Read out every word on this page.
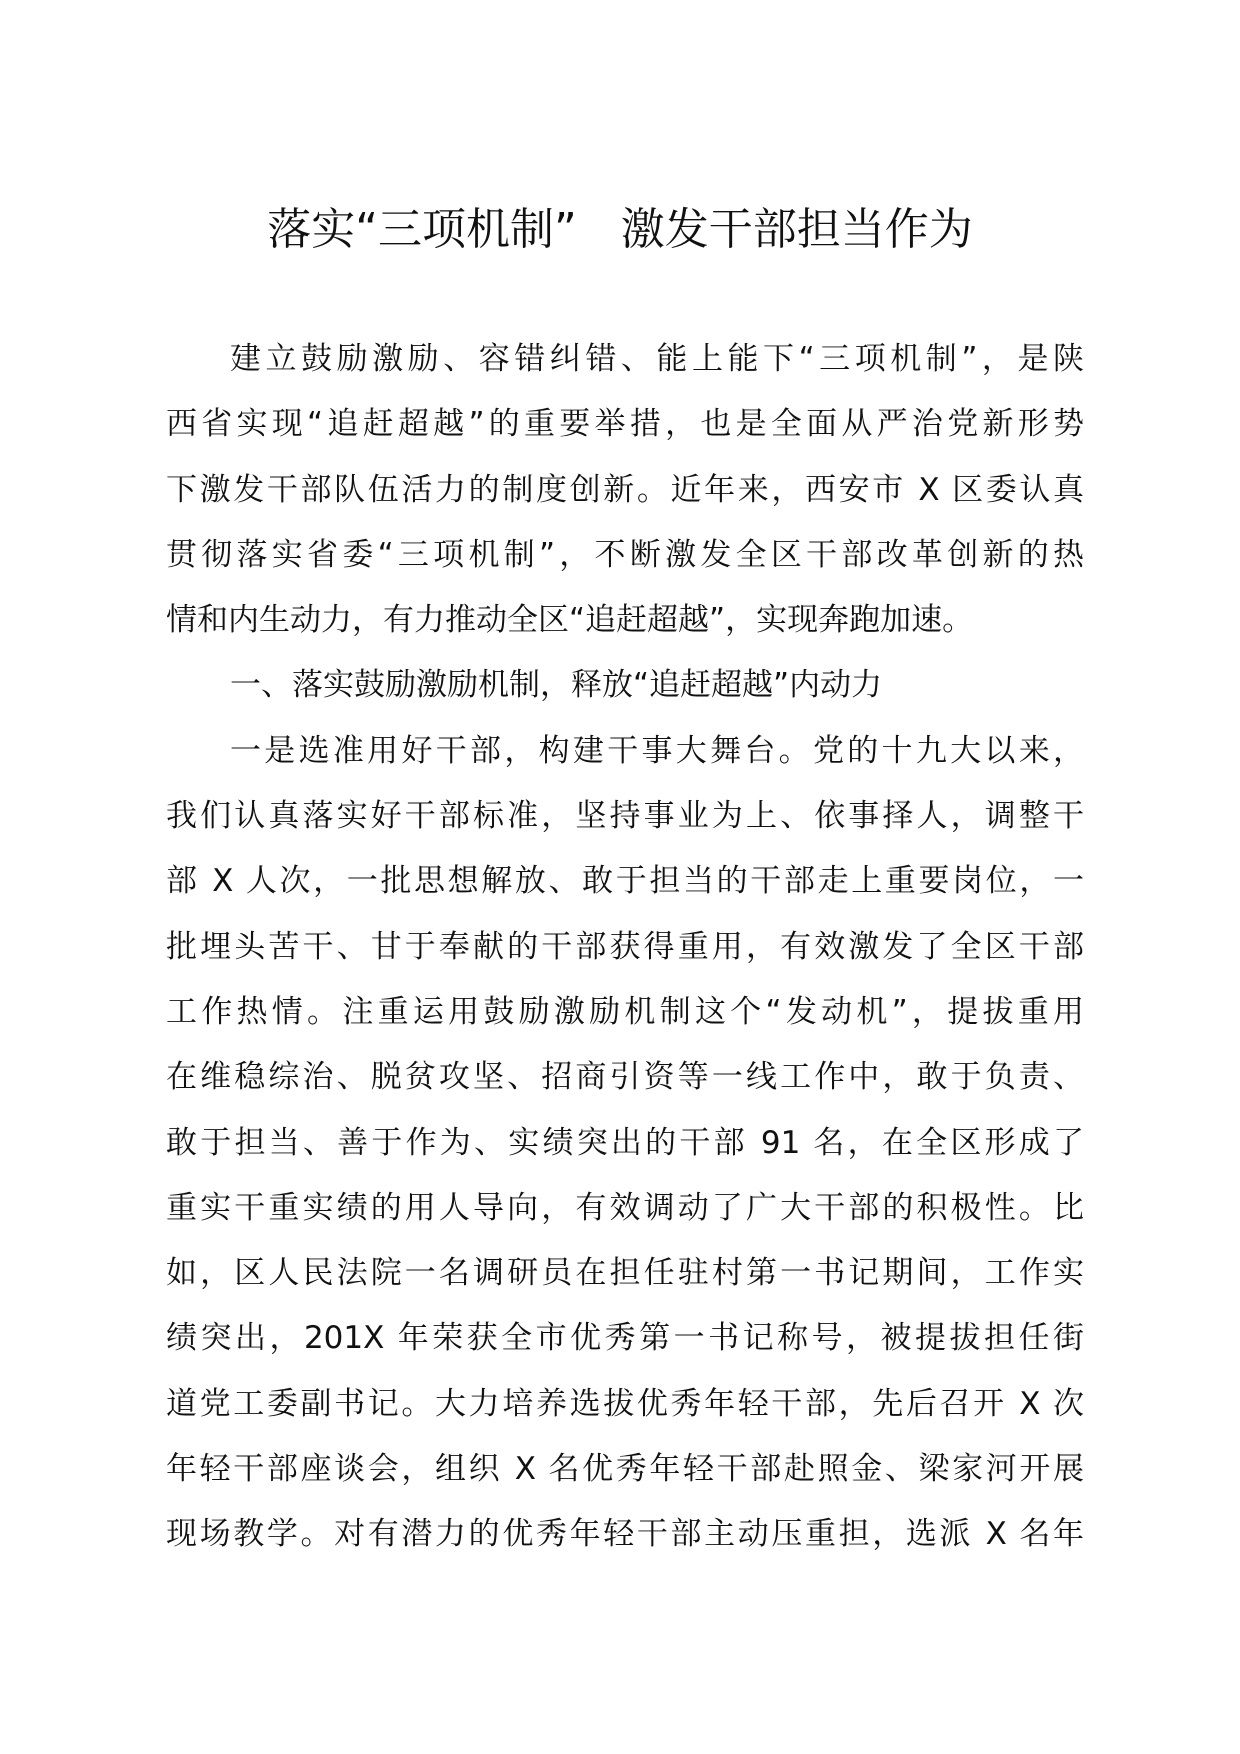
落实“三项机制”　激发干部担当作为
建立鼓励激励、容错纠错、能上能下“三项机制”，是陕
西省实现“追赶超越”的重要举措，也是全面从严治党新形势
下激发干部队伍活力的制度创新。近年来，西安市 X 区委认真
贯彻落实省委“三项机制”，不断激发全区干部改革创新的热
情和内生动力，有力推动全区“追赶超越”，实现奔跑加速。
一、落实鼓励激励机制，释放“追赶超越”内动力
一是选准用好干部，构建干事大舞台。党的十九大以来，
我们认真落实好干部标准，坚持事业为上、依事择人，调整干
部 X 人次，一批思想解放、敢于担当的干部走上重要岗位，一
批埋头苦干、甘于奉献的干部获得重用，有效激发了全区干部
工作热情。注重运用鼓励激励机制这个“发动机”，提拔重用
在维稳综治、脱贫攻坚、招商引资等一线工作中，敢于负责、
敢于担当、善于作为、实绩突出的干部 91 名，在全区形成了
重实干重实绩的用人导向，有效调动了广大干部的积极性。比
如，区人民法院一名调研员在担任驻村第一书记期间，工作实
绩突出，201X 年荣获全市优秀第一书记称号，被提拔担任街
道党工委副书记。大力培养选拔优秀年轻干部，先后召开 X 次
年轻干部座谈会，组织 X 名优秀年轻干部赴照金、梁家河开展
现场教学。对有潜力的优秀年轻干部主动压重担，选派 X 名年
